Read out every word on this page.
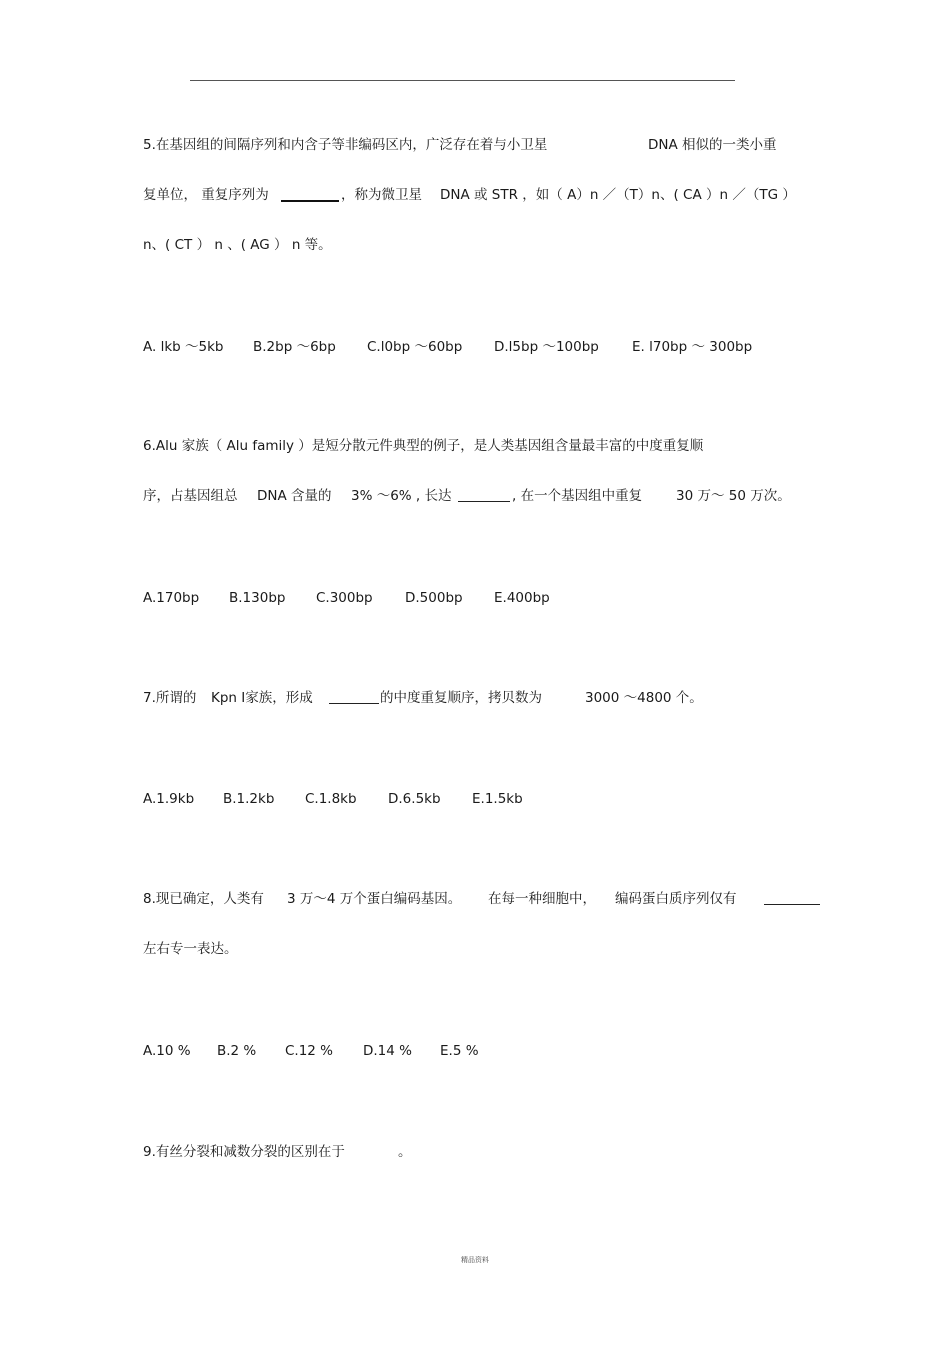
5.在基因组的间隔序列和内含子等非编码区内，广泛存在着与小卫星	DNA 相似的一类小重
复单位， 重复序列为	，称为微卫星 DNA 或 STR ，如（ A）n ／（T）n、( CA ）n ／（TG ）
n、( CT ） n 、( AG ） n 等。
A. lkb ～5kb B.2bp ～6bp C.l0bp ～60bp D.l5bp ～100bp E. l70bp ～ 300bp
6.Alu 家族（ Alu family ）是短分散元件典型的例子，是人类基因组含量最丰富的中度重复顺
序，占基因组总 DNA 含量的 3% ～6% , 长达	, 在一个基因组中重复	30 万～ 50 万次。
A.170bp B.130bp C.300bp D.500bp E.400bp
7.所谓的 Kpn Ⅰ家族，形成	的中度重复顺序，拷贝数为	3000 ～4800 个。
A.1.9kb B.1.2kb C.1.8kb D.6.5kb E.1.5kb
8.现已确定，人类有 3 万～4 万个蛋白编码基因。 在每一种细胞中， 编码蛋白质序列仅有
左右专一表达。
A.10 % B.2 % C.12 % D.14 % E.5 %
9.有丝分裂和减数分裂的区别在于	。
精品资料
